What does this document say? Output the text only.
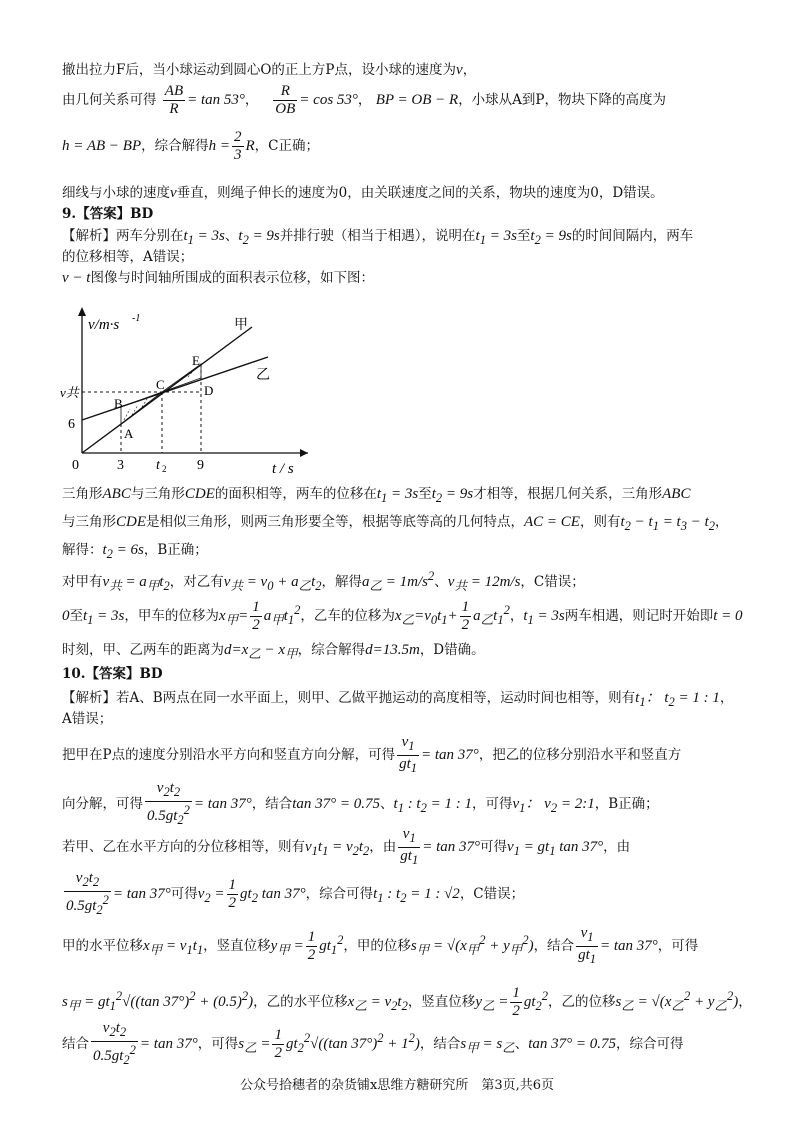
撤出拉力F后，当小球运动到圆心O的正上方P点，设小球的速度为v，
由几何关系可得 $\frac{AB}{R} = \tan 53^\circ$， $\frac{R}{OB} = \cos 53^\circ$， BP = OB − R，小球从A到P，物块下降的高度为
h = AB − BP，综合解得$h = \frac{2}{3}$ R，C正确；
细线与小球的速度v垂直，则绳子伸长的速度为0，由关联速度之间的关系，物块的速度为0，D错误。
9.【答案】BD
【解析】两车分别在$t_1 = 3s$、$t_2 = 9s$并排行驶（相当于相遇），说明在$t_1 = 3s$至$t_2 = 9s$的时间间隔内，两车
的位移相等，A错误；
v − t图像与时间轴所围成的面积表示位移，如下图：
v/m·s -1
t / s
甲
乙
v共
6
0	3 t 2 9
A
B
C	D
E
三角形ABC与三角形CDE的面积相等，两车的位移在$t_1 = 3s$至$t_2 = 9s$才相等，根据几何关系，三角形ABC
与三角形CDE是相似三角形，则两三角形要全等，根据等底等高的几何特点，AC = CE，则有$t_2 - t_1 = t_3 - t_2$，
解得：$t_2 = 6s$，B正确；
对甲有$v_共 = a_甲t_2$，对乙有$v_共 = v_0 + a_乙t_2$，解得$a_乙 = 1m/s^2$、$v_共 = 12m/s$，C错误；
0至$t_1 = 3s$，甲车的位移为$x_甲= \frac{1}{2} a_甲t_1^2$，乙车的位移为$x_乙=v_0t_1+ \frac{1}{2} a_乙t_1^2$，$t_1 = 3s$两车相遇，则记时开始即t = 0
时刻，甲、乙两车的距离为$d=x_乙 - x_甲$，综合解得d=13.5m，D错确。
10.【答案】BD
【解析】若A、B两点在同一水平面上，则甲、乙做平抛运动的高度相等，运动时间也相等，则有$t_1$： $t_2 = 1$ : 1，
A错误；
把甲在P点的速度分别沿水平方向和竖直方向分解，可得 $\frac{v_1}{gt_1} = \tan 37^\circ$，把乙的位移分别沿水平和竖直方
向分解，可得 $\frac{v_2t_2}{0.5gt_2^2} = \tan 37^\circ$，结合tan 37° = 0.75、$t_1$ : $t_2 = 1$ : 1，可得$v_1$： $v_2$ = 2:1，B正确；
若甲、乙在水平方向的分位移相等，则有$v_1t_1 = v_2t_2$，由 $\frac{v_1}{gt_1} = \tan 37^\circ$可得$v_1 = gt_1$ tan 37°，由
$\frac{v_2t_2}{0.5gt_2^2} = \tan 37^\circ$可得$v_2 = \frac{1}{2} gt_2$ tan 37°，综合可得$t_1$ : $t_2 = 1$ : √2，C错误；
甲的水平位移$x_甲 = v_1t_1$，竖直位移$y_甲 = \frac{1}{2} gt_1^2$，甲的位移$s_甲 = √(x_甲^2 + y_甲^2)$，结合 $\frac{v_1}{gt_1} = \tan 37^\circ$，可得
$s_甲 = gt_1^2√((\tan$ $37^\circ)^2 + (0.5)^2$)，乙的水平位移$x_乙 = v_2t_2$，竖直位移$y_乙 = \frac{1}{2} gt_2^2$，乙的位移$s_乙 = √(x_乙^2 + y_乙^2)$，
结合 $\frac{v_2t_2}{0.5gt_2^2} = \tan 37^\circ$，可得$s_乙 = \frac{1}{2} gt_2^2√((\tan$ $37^\circ)^2 + 1^2$)，结合$s_甲 = s_乙$、tan 37° = 0.75，综合可得
公众号拾穗者的杂货铺x思维方糖研究所　第3页,共6页
